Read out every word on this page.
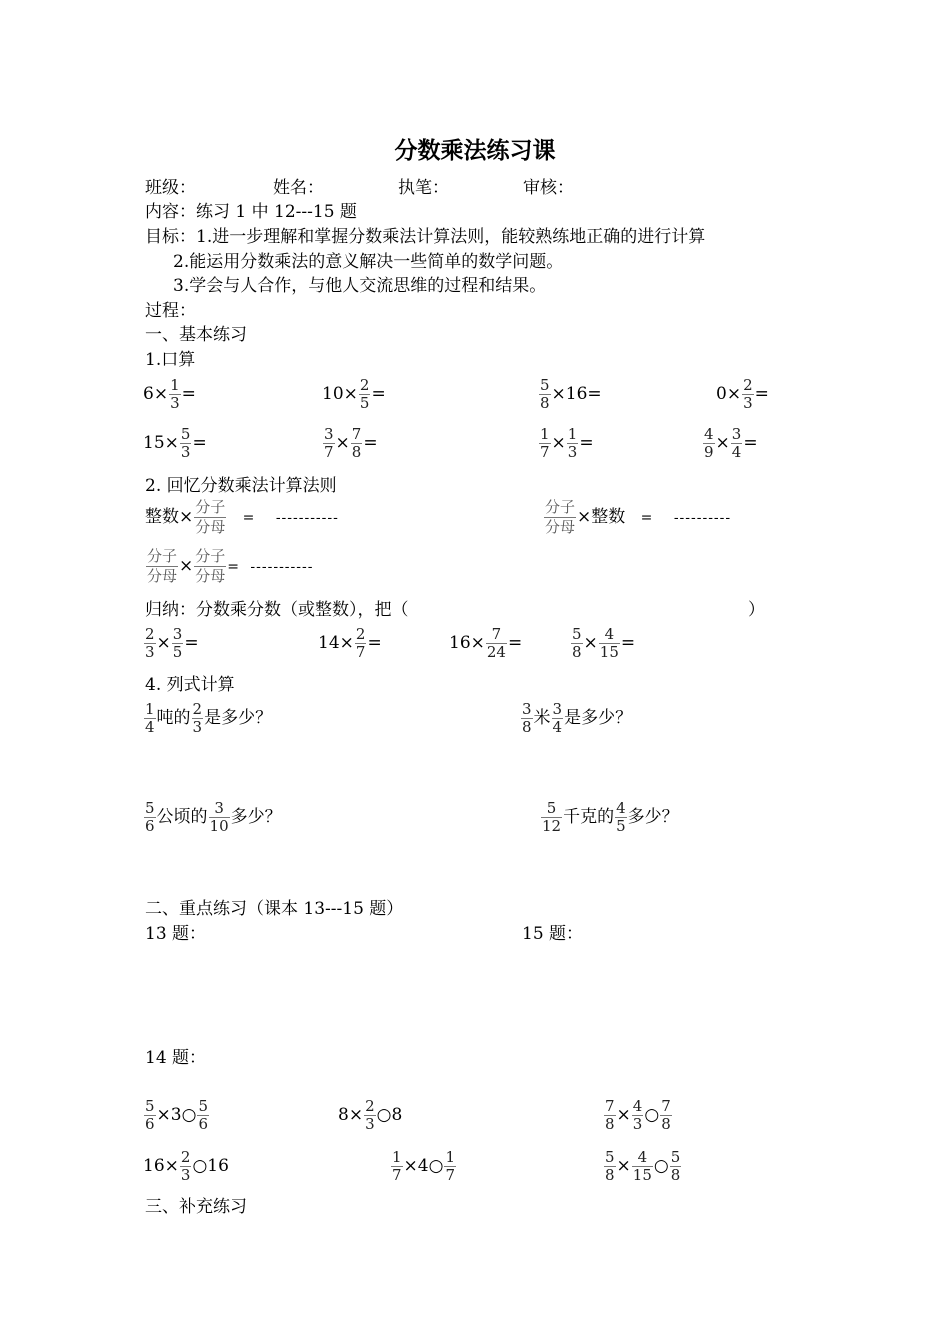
分数乘法练习课
班级：	姓名：	执笔：	审核：
内容：练习 1 中 12---15 题
目标：1.进一步理解和掌握分数乘法计算法则，能较熟练地正确的进行计算
2.能运用分数乘法的意义解决一些简单的数学问题。
3.学会与人合作，与他人交流思维的过程和结果。
过程：
一、基本练习
1.口算
$6\times \frac{1}{3}$ =	$10\times \frac{2}{5}$ =	$\frac{5}{8} \times 16=$	$0\times \frac{2}{3}$ =
$15\times \frac{5}{3}$ =	$\frac{3}{7} \times \frac{7}{8}$ =	$\frac{1}{7} \times \frac{1}{3}$ =	$\frac{4}{9} \times \frac{3}{4}$ =
2. 回忆分数乘法计算法则
整数× $\frac{\text{分子}}{\text{分母}}$ = -----------	$\frac{\text{分子}}{\text{分母}}$ ×整数 = ----------
$\frac{\text{分子}}{\text{分母}} \times \frac{\text{分子}}{\text{分母}}$ = -----------
归纳：分数乘分数（或整数），把（	）
$\frac{2}{3} \times \frac{3}{5}$ =	$14\times \frac{2}{7}$ =	$16\times \frac{7}{24}$ =	$\frac{5}{8} \times \frac{4}{15}$ =
4. 列式计算
$\frac{1}{4}$ 吨的 $\frac{2}{3}$ 是多少？	$\frac{3}{8}$ 米 $\frac{3}{4}$ 是多少？
$\frac{5}{6}$ 公顷的 $\frac{3}{10}$ 多少？	$\frac{5}{12}$ 千克的 $\frac{4}{5}$ 多少？
二、重点练习（课本 13---15 题）
13 题：	15 题：
14 题：
$\frac{5}{6}$ ×3○ $\frac{5}{6}$	$8\times \frac{2}{3}$ ○8	$\frac{7}{8} \times \frac{4}{3}$ ○ $\frac{7}{8}$
$16\times \frac{2}{3}$ ○16	$\frac{1}{7}$ ×4○ $\frac{1}{7}$	$\frac{5}{8} \times \frac{4}{15}$ ○ $\frac{5}{8}$
三、补充练习
